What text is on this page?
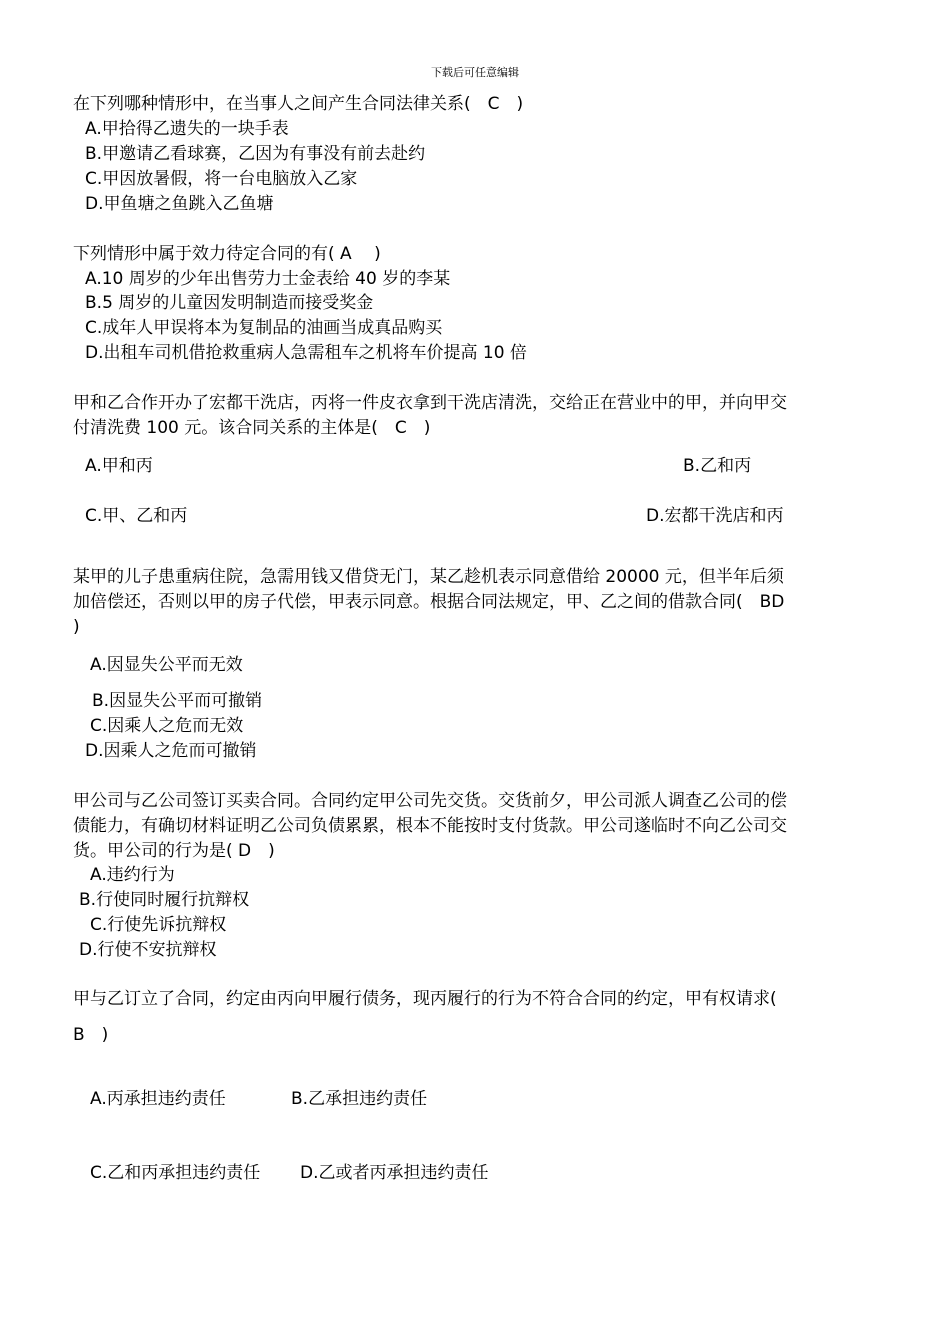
下载后可任意编辑
在下列哪种情形中，在当事人之间产生合同法律关系(　C　)
A.甲拾得乙遗失的一块手表
B.甲邀请乙看球赛，乙因为有事没有前去赴约
C.甲因放暑假，将一台电脑放入乙家
D.甲鱼塘之鱼跳入乙鱼塘
下列情形中属于效力待定合同的有( A　 )
A.10 周岁的少年出售劳力士金表给 40 岁的李某
B.5 周岁的儿童因发明制造而接受奖金
C.成年人甲误将本为复制品的油画当成真品购买
D.出租车司机借抢救重病人急需租车之机将车价提高 10 倍
甲和乙合作开办了宏都干洗店，丙将一件皮衣拿到干洗店清洗，交给正在营业中的甲，并向甲交
付清洗费 100 元。该合同关系的主体是(　C　)
A.甲和丙	B.乙和丙
C.甲、乙和丙	D.宏都干洗店和丙
某甲的儿子患重病住院，急需用钱又借贷无门，某乙趁机表示同意借给 20000 元，但半年后须
加倍偿还，否则以甲的房子代偿，甲表示同意。根据合同法规定，甲、乙之间的借款合同(　BD
)
A.因显失公平而无效
B.因显失公平而可撤销
C.因乘人之危而无效
D.因乘人之危而可撤销
甲公司与乙公司签订买卖合同。合同约定甲公司先交货。交货前夕，甲公司派人调查乙公司的偿
债能力，有确切材料证明乙公司负债累累，根本不能按时支付货款。甲公司遂临时不向乙公司交
货。甲公司的行为是( D　)
A.违约行为
B.行使同时履行抗辩权
C.行使先诉抗辩权
D.行使不安抗辩权
甲与乙订立了合同，约定由丙向甲履行债务，现丙履行的行为不符合合同的约定，甲有权请求(
B　)
A.丙承担违约责任	B.乙承担违约责任
C.乙和丙承担违约责任 D.乙或者丙承担违约责任
